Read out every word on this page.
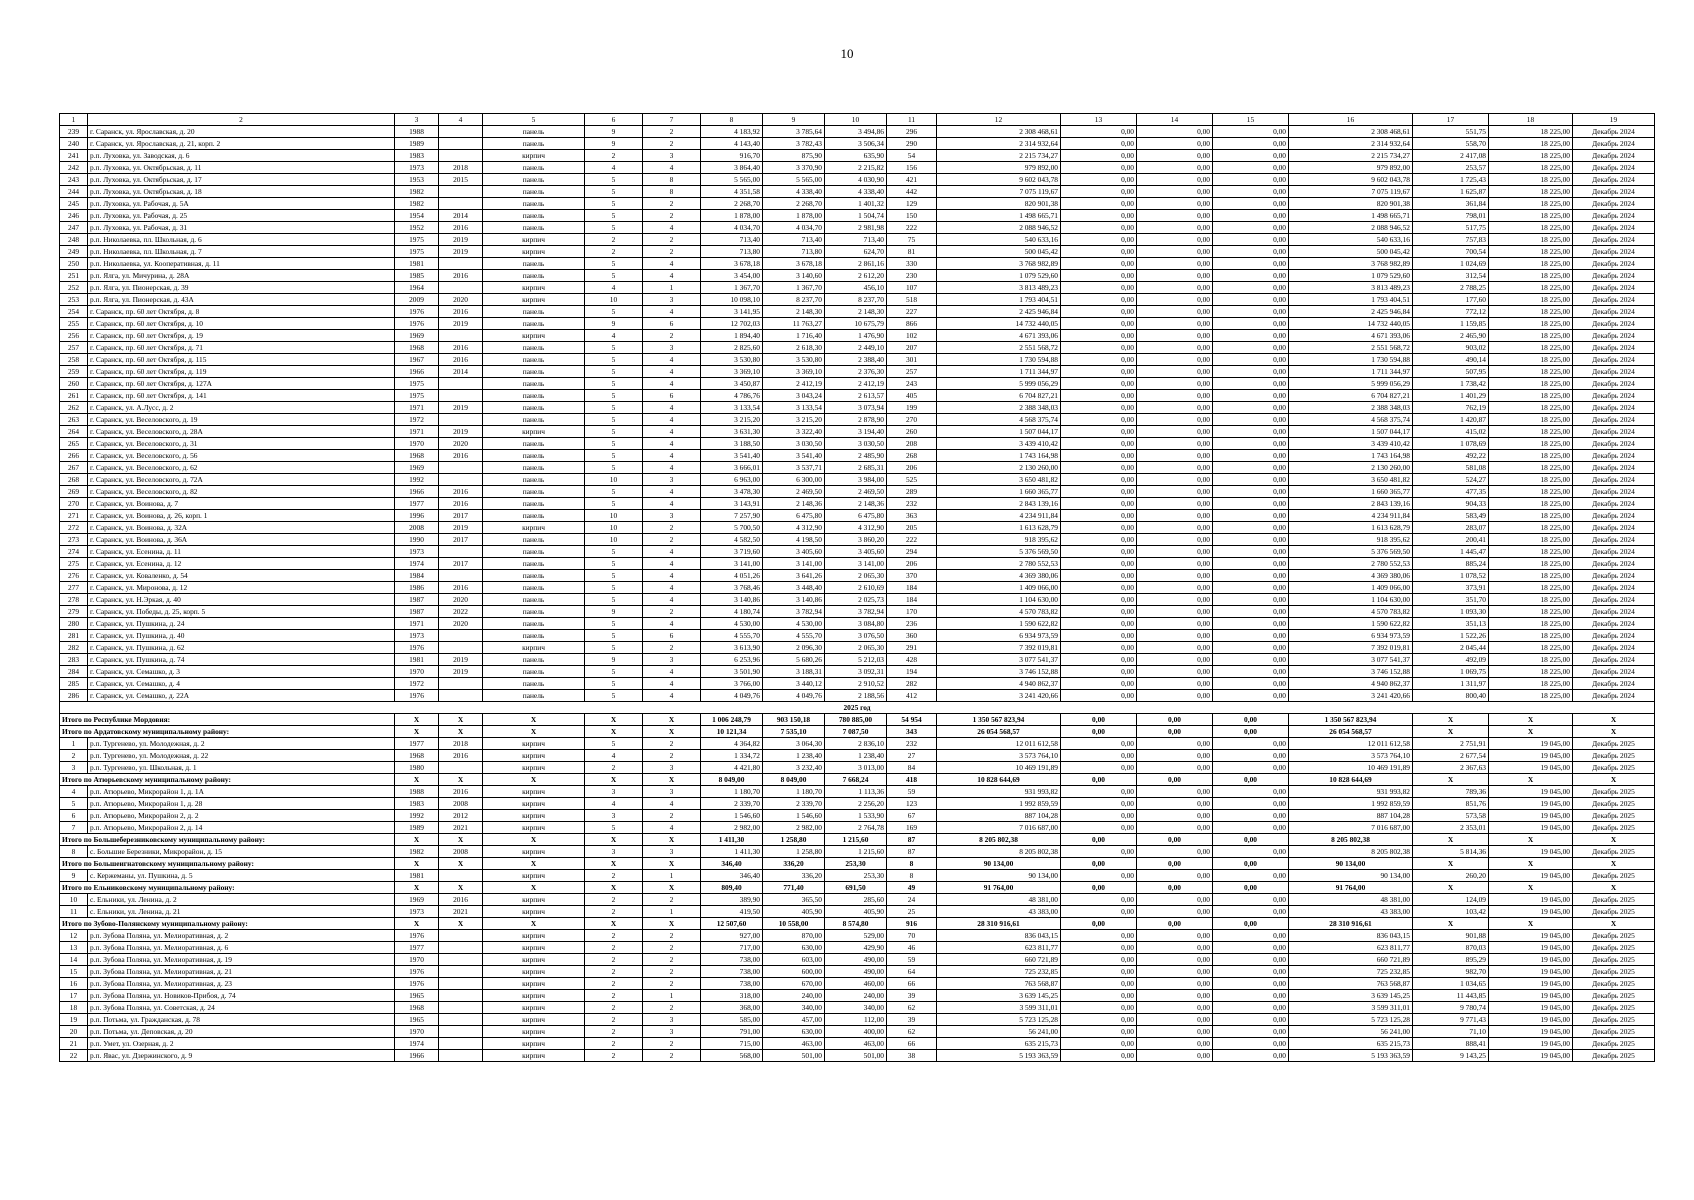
10
1	2	3	4	5	6	7	8	9	10	11	12	13	14	15	16	17	18	19
239	г. Саранск, ул. Ярославская, д. 20	1988		панель	9	2	4 183,92	3 785,64	3 494,86	296	2 308 468,61	0,00	0,00	0,00	2 308 468,61	551,75	18 225,00	Декабрь 2024
240	г. Саранск, ул. Ярославская, д. 21, корп. 2	1989		панель	9	2	4 143,40	3 782,43	3 506,34	290	2 314 932,64	0,00	0,00	0,00	2 314 932,64	558,70	18 225,00	Декабрь 2024
241	р.п. Луховка, ул. Заводская, д. 6	1983		кирпич	2	3	916,70	875,90	635,90	54	2 215 734,27	0,00	0,00	0,00	2 215 734,27	2 417,08	18 225,00	Декабрь 2024
242	р.п. Луховка, ул. Октябрьская, д. 11	1973	2018	панель	4	4	3 864,40	3 370,90	2 215,82	156	979 892,00	0,00	0,00	0,00	979 892,00	253,57	18 225,00	Декабрь 2024
243	р.п. Луховка, ул. Октябрьская, д. 17	1953	2015	панель	5	8	5 565,00	5 565,00	4 030,90	421	9 602 043,78	0,00	0,00	0,00	9 602 043,78	1 725,43	18 225,00	Декабрь 2024
244	р.п. Луховка, ул. Октябрьская, д. 18	1982		панель	5	8	4 351,58	4 338,40	4 338,40	442	7 075 119,67	0,00	0,00	0,00	7 075 119,67	1 625,87	18 225,00	Декабрь 2024
245	р.п. Луховка, ул. Рабочая, д. 5А	1982		панель	5	2	2 268,70	2 268,70	1 401,32	129	820 901,38	0,00	0,00	0,00	820 901,38	361,84	18 225,00	Декабрь 2024
246	р.п. Луховка, ул. Рабочая, д. 25	1954	2014	панель	5	2	1 878,00	1 878,00	1 504,74	150	1 498 665,71	0,00	0,00	0,00	1 498 665,71	798,01	18 225,00	Декабрь 2024
247	р.п. Луховка, ул. Рабочая, д. 31	1952	2016	панель	5	4	4 034,70	4 034,70	2 981,98	222	2 088 946,52	0,00	0,00	0,00	2 088 946,52	517,75	18 225,00	Декабрь 2024
248	р.п. Николаевка, пл. Школьная, д. 6	1975	2019	кирпич	2	2	713,40	713,40	713,40	75	540 633,16	0,00	0,00	0,00	540 633,16	757,83	18 225,00	Декабрь 2024
249	р.п. Николаевка, пл. Школьная, д. 7	1975	2019	кирпич	2	2	713,80	713,80	624,70	81	500 045,42	0,00	0,00	0,00	500 045,42	700,54	18 225,00	Декабрь 2024
250	р.п. Николаевка, ул. Кооперативная, д. 11	1981		панель	5	4	3 678,18	3 678,18	2 861,16	330	3 768 982,89	0,00	0,00	0,00	3 768 982,89	1 024,69	18 225,00	Декабрь 2024
251	р.п. Ялга, ул. Мичурина, д. 28А	1985	2016	панель	5	4	3 454,00	3 140,60	2 612,20	230	1 079 529,60	0,00	0,00	0,00	1 079 529,60	312,54	18 225,00	Декабрь 2024
252	р.п. Ялга, ул. Пионерская, д. 39	1964		кирпич	4	1	1 367,70	1 367,70	456,10	107	3 813 489,23	0,00	0,00	0,00	3 813 489,23	2 788,25	18 225,00	Декабрь 2024
253	р.п. Ялга, ул. Пионерская, д. 43А	2009	2020	кирпич	10	3	10 098,10	8 237,70	8 237,70	518	1 793 404,51	0,00	0,00	0,00	1 793 404,51	177,60	18 225,00	Декабрь 2024
254	г. Саранск, пр. 60 лет Октября, д. 8	1976	2016	панель	5	4	3 141,95	2 148,30	2 148,30	227	2 425 946,84	0,00	0,00	0,00	2 425 946,84	772,12	18 225,00	Декабрь 2024
255	г. Саранск, пр. 60 лет Октября, д. 10	1976	2019	панель	9	6	12 702,03	11 763,27	10 675,79	866	14 732 440,05	0,00	0,00	0,00	14 732 440,05	1 159,85	18 225,00	Декабрь 2024
256	г. Саранск, пр. 60 лет Октября, д. 19	1969		кирпич	4	2	1 894,40	1 716,40	1 476,90	102	4 671 393,06	0,00	0,00	0,00	4 671 393,06	2 465,90	18 225,00	Декабрь 2024
257	г. Саранск, пр. 60 лет Октября, д. 71	1968	2016	панель	5	3	2 825,60	2 618,30	2 449,10	207	2 551 568,72	0,00	0,00	0,00	2 551 568,72	903,02	18 225,00	Декабрь 2024
258	г. Саранск, пр. 60 лет Октября, д. 115	1967	2016	панель	5	4	3 530,80	3 530,80	2 388,40	301	1 730 594,88	0,00	0,00	0,00	1 730 594,88	490,14	18 225,00	Декабрь 2024
259	г. Саранск, пр. 60 лет Октября, д. 119	1966	2014	панель	5	4	3 369,10	3 369,10	2 376,30	257	1 711 344,97	0,00	0,00	0,00	1 711 344,97	507,95	18 225,00	Декабрь 2024
260	г. Саранск, пр. 60 лет Октября, д. 127А	1975		панель	5	4	3 450,87	2 412,19	2 412,19	243	5 999 056,29	0,00	0,00	0,00	5 999 056,29	1 738,42	18 225,00	Декабрь 2024
261	г. Саранск, пр. 60 лет Октября, д. 141	1975		панель	5	6	4 786,76	3 043,24	2 613,57	405	6 704 827,21	0,00	0,00	0,00	6 704 827,21	1 401,29	18 225,00	Декабрь 2024
262	г. Саранск, ул. А.Лусс, д. 2	1971	2019	панель	5	4	3 133,54	3 133,54	3 073,94	199	2 388 348,03	0,00	0,00	0,00	2 388 348,03	762,19	18 225,00	Декабрь 2024
263	г. Саранск, ул. Веселовского, д. 19	1972		панель	5	4	3 215,20	3 215,20	2 878,90	270	4 568 375,74	0,00	0,00	0,00	4 568 375,74	1 420,87	18 225,00	Декабрь 2024
264	г. Саранск, ул. Веселовского, д. 28А	1971	2019	кирпич	5	4	3 631,30	3 322,40	3 194,40	260	1 507 044,17	0,00	0,00	0,00	1 507 044,17	415,02	18 225,00	Декабрь 2024
265	г. Саранск, ул. Веселовского, д. 31	1970	2020	панель	5	4	3 188,50	3 030,50	3 030,50	208	3 439 410,42	0,00	0,00	0,00	3 439 410,42	1 078,69	18 225,00	Декабрь 2024
266	г. Саранск, ул. Веселовского, д. 56	1968	2016	панель	5	4	3 541,40	3 541,40	2 485,90	268	1 743 164,98	0,00	0,00	0,00	1 743 164,98	492,22	18 225,00	Декабрь 2024
267	г. Саранск, ул. Веселовского, д. 62	1969		панель	5	4	3 666,01	3 537,71	2 685,31	206	2 130 260,00	0,00	0,00	0,00	2 130 260,00	581,08	18 225,00	Декабрь 2024
268	г. Саранск, ул. Веселовского, д. 72А	1992		панель	10	3	6 963,00	6 300,00	3 984,00	525	3 650 481,82	0,00	0,00	0,00	3 650 481,82	524,27	18 225,00	Декабрь 2024
269	г. Саранск, ул. Веселовского, д. 82	1966	2016	панель	5	4	3 478,30	2 469,50	2 469,50	289	1 660 365,77	0,00	0,00	0,00	1 660 365,77	477,35	18 225,00	Декабрь 2024
270	г. Саранск, ул. Воинова, д. 7	1977	2016	панель	5	4	3 143,91	2 148,36	2 148,36	232	2 843 139,16	0,00	0,00	0,00	2 843 139,16	904,33	18 225,00	Декабрь 2024
271	г. Саранск, ул. Воинова, д. 26, корп. 1	1996	2017	панель	10	3	7 257,90	6 475,80	6 475,80	363	4 234 911,84	0,00	0,00	0,00	4 234 911,84	583,49	18 225,00	Декабрь 2024
272	г. Саранск, ул. Воинова, д. 32А	2008	2019	кирпич	10	2	5 700,50	4 312,90	4 312,90	205	1 613 628,79	0,00	0,00	0,00	1 613 628,79	283,07	18 225,00	Декабрь 2024
273	г. Саранск, ул. Воинова, д. 36А	1990	2017	панель	10	2	4 582,50	4 198,50	3 860,20	222	918 395,62	0,00	0,00	0,00	918 395,62	200,41	18 225,00	Декабрь 2024
274	г. Саранск, ул. Есенина, д. 11	1973		панель	5	4	3 719,60	3 405,60	3 405,60	294	5 376 569,50	0,00	0,00	0,00	5 376 569,50	1 445,47	18 225,00	Декабрь 2024
275	г. Саранск, ул. Есенина, д. 12	1974	2017	панель	5	4	3 141,00	3 141,00	3 141,00	206	2 780 552,53	0,00	0,00	0,00	2 780 552,53	885,24	18 225,00	Декабрь 2024
276	г. Саранск, ул. Коваленко, д. 54	1984		панель	5	4	4 051,26	3 641,26	2 065,30	370	4 369 380,06	0,00	0,00	0,00	4 369 380,06	1 078,52	18 225,00	Декабрь 2024
277	г. Саранск, ул. Миронова, д. 12	1986	2016	панель	5	4	3 768,46	3 448,40	2 610,69	184	1 409 066,00	0,00	0,00	0,00	1 409 066,00	373,91	18 225,00	Декабрь 2024
278	г. Саранск, ул. Н.Эркая, д. 40	1987	2020	панель	5	4	3 140,86	3 140,86	2 025,73	184	1 104 630,00	0,00	0,00	0,00	1 104 630,00	351,70	18 225,00	Декабрь 2024
279	г. Саранск, ул. Победы, д. 25, корп. 5	1987	2022	панель	9	2	4 180,74	3 782,94	3 782,94	170	4 570 783,82	0,00	0,00	0,00	4 570 783,82	1 093,30	18 225,00	Декабрь 2024
280	г. Саранск, ул. Пушкина, д. 24	1971	2020	панель	5	4	4 530,00	4 530,00	3 084,80	236	1 590 622,82	0,00	0,00	0,00	1 590 622,82	351,13	18 225,00	Декабрь 2024
281	г. Саранск, ул. Пушкина, д. 40	1973		панель	5	6	4 555,70	4 555,70	3 076,50	360	6 934 973,59	0,00	0,00	0,00	6 934 973,59	1 522,26	18 225,00	Декабрь 2024
282	г. Саранск, ул. Пушкина, д. 62	1976		кирпич	5	2	3 613,90	2 096,30	2 065,30	291	7 392 019,81	0,00	0,00	0,00	7 392 019,81	2 045,44	18 225,00	Декабрь 2024
283	г. Саранск, ул. Пушкина, д. 74	1981	2019	панель	9	3	6 253,96	5 680,26	5 212,03	428	3 077 541,37	0,00	0,00	0,00	3 077 541,37	492,09	18 225,00	Декабрь 2024
284	г. Саранск, ул. Семашко, д. 3	1970	2019	панель	5	4	3 501,90	3 188,31	3 092,31	194	3 746 152,88	0,00	0,00	0,00	3 746 152,88	1 069,75	18 225,00	Декабрь 2024
285	г. Саранск, ул. Семашко, д. 4	1972		панель	5	4	3 766,00	3 440,12	2 910,52	282	4 940 862,37	0,00	0,00	0,00	4 940 862,37	1 311,97	18 225,00	Декабрь 2024
286	г. Саранск, ул. Семашко, д. 22А	1976		панель	5	4	4 049,76	4 049,76	2 188,56	412	3 241 420,66	0,00	0,00	0,00	3 241 420,66	800,40	18 225,00	Декабрь 2024
2025 год																		
Итого по Республике Мордовия:		X	X	X	X	X	1 006 248,79	903 150,18	780 885,00	54 954	1 350 567 823,94	0,00	0,00	0,00	1 350 567 823,94	X	X	X
Итого по Ардатовскому муниципальному району:		X	X	X	X	X	10 121,34	7 535,10	7 087,50	343	26 054 568,57	0,00	0,00	0,00	26 054 568,57	X	X	X
1	р.п. Тургенево, ул. Молодежная, д. 2	1977	2018	кирпич	5	2	4 364,82	3 064,30	2 836,10	232	12 011 612,58	0,00	0,00	0,00	12 011 612,58	2 751,91	19 045,00	Декабрь 2025
2	р.п. Тургенево, ул. Молодежная, д. 22	1968	2016	кирпич	4	2	1 334,72	1 238,40	1 238,40	27	3 573 764,10	0,00	0,00	0,00	3 573 764,10	2 677,54	19 045,00	Декабрь 2025
3	р.п. Тургенево, ул. Школьная, д. 1	1980		кирпич	2	3	4 421,80	3 232,40	3 013,00	84	10 469 191,89	0,00	0,00	0,00	10 469 191,89	2 367,63	19 045,00	Декабрь 2025
Итого по Атюрьевскому муниципальному району:		X	X	X	X	X	8 049,00	8 049,00	7 668,24	418	10 828 644,69	0,00	0,00	0,00	10 828 644,69	X	X	X
4	р.п. Атюрьево, Микрорайон 1, д. 1А	1988	2016	кирпич	3	3	1 180,70	1 180,70	1 113,36	59	931 993,82	0,00	0,00	0,00	931 993,82	789,36	19 045,00	Декабрь 2025
5	р.п. Атюрьево, Микрорайон 1, д. 28	1983	2008	кирпич	4	4	2 339,70	2 339,70	2 256,20	123	1 992 859,59	0,00	0,00	0,00	1 992 859,59	851,76	19 045,00	Декабрь 2025
6	р.п. Атюрьево, Микрорайон 2, д. 2	1992	2012	кирпич	3	2	1 546,60	1 546,60	1 533,90	67	887 104,28	0,00	0,00	0,00	887 104,28	573,58	19 045,00	Декабрь 2025
7	р.п. Атюрьево, Микрорайон 2, д. 14	1989	2021	кирпич	5	4	2 982,00	2 982,00	2 764,78	169	7 016 687,00	0,00	0,00	0,00	7 016 687,00	2 353,01	19 045,00	Декабрь 2025
Итого по Большеберезниковскому муниципальному району:		X	X	X	X	X	1 411,30	1 258,80	1 215,60	87	8 205 802,38	0,00	0,00	0,00	8 205 802,38	X	X	X
8	с. Большие Березники, Микрорайон, д. 15	1982	2008	кирпич	3	3	1 411,30	1 258,80	1 215,60	87	8 205 802,38	0,00	0,00	0,00	8 205 802,38	5 814,36	19 045,00	Декабрь 2025
Итого по Большеигнатовскому муниципальному району:		X	X	X	X	X	346,40	336,20	253,30	8	90 134,00	0,00	0,00	0,00	90 134,00	X	X	X
9	с. Кержеманы, ул. Пушкина, д. 5	1981		кирпич	2	1	346,40	336,20	253,30	8	90 134,00	0,00	0,00	0,00	90 134,00	260,20	19 045,00	Декабрь 2025
Итого по Ельниковскому муниципальному району:		X	X	X	X	X	809,40	771,40	691,50	49	91 764,00	0,00	0,00	0,00	91 764,00	X	X	X
10	с. Ельники, ул. Ленина, д. 2	1969	2016	кирпич	2	2	389,90	365,50	285,60	24	48 381,00	0,00	0,00	0,00	48 381,00	124,09	19 045,00	Декабрь 2025
11	с. Ельники, ул. Ленина, д. 21	1973	2021	кирпич	2	1	419,50	405,90	405,90	25	43 383,00	0,00	0,00	0,00	43 383,00	103,42	19 045,00	Декабрь 2025
Итого по Зубово-Полянскому муниципальному району:		X	X	X	X	X	12 507,60	10 558,00	8 574,80	916	28 310 916,61	0,00	0,00	0,00	28 310 916,61	X	X	X
12	р.п. Зубова Поляна, ул. Мелиоративная, д. 2	1976		кирпич	2	2	927,00	870,00	529,00	70	836 043,15	0,00	0,00	0,00	836 043,15	901,88	19 045,00	Декабрь 2025
13	р.п. Зубова Поляна, ул. Мелиоративная, д. 6	1977		кирпич	2	2	717,00	630,00	429,90	46	623 811,77	0,00	0,00	0,00	623 811,77	870,03	19 045,00	Декабрь 2025
14	р.п. Зубова Поляна, ул. Мелиоративная, д. 19	1970		кирпич	2	2	738,00	603,00	490,00	59	660 721,89	0,00	0,00	0,00	660 721,89	895,29	19 045,00	Декабрь 2025
15	р.п. Зубова Поляна, ул. Мелиоративная, д. 21	1976		кирпич	2	2	738,00	600,00	490,00	64	725 232,85	0,00	0,00	0,00	725 232,85	982,70	19 045,00	Декабрь 2025
16	р.п. Зубова Поляна, ул. Мелиоративная, д. 23	1976		кирпич	2	2	738,00	670,00	460,00	66	763 568,87	0,00	0,00	0,00	763 568,87	1 034,65	19 045,00	Декабрь 2025
17	р.п. Зубова Поляна, ул. Новиков-Прибоя, д. 74	1965		кирпич	2	1	318,00	240,00	240,00	39	3 639 145,25	0,00	0,00	0,00	3 639 145,25	11 443,85	19 045,00	Декабрь 2025
18	р.п. Зубова Поляна, ул. Советская, д. 24	1968		кирпич	2	2	368,00	340,00	340,00	62	3 599 311,01	0,00	0,00	0,00	3 599 311,01	9 780,74	19 045,00	Декабрь 2025
19	р.п. Потьма, ул. Гражданская, д. 78	1965		кирпич	2	3	585,00	457,00	112,00	39	5 723 125,28	0,00	0,00	0,00	5 723 125,28	9 771,43	19 045,00	Декабрь 2025
20	р.п. Потьма, ул. Деповская, д. 20	1970		кирпич	2	3	791,00	630,00	400,00	62	56 241,00	0,00	0,00	0,00	56 241,00	71,10	19 045,00	Декабрь 2025
21	р.п. Умет, ул. Озерная, д. 2	1974		кирпич	2	2	715,00	463,00	463,00	66	635 215,73	0,00	0,00	0,00	635 215,73	888,41	19 045,00	Декабрь 2025
22	р.п. Явас, ул. Дзержинского, д. 9	1966		кирпич	2	2	568,00	501,00	501,00	38	5 193 363,59	0,00	0,00	0,00	5 193 363,59	9 143,25	19 045,00	Декабрь 2025
